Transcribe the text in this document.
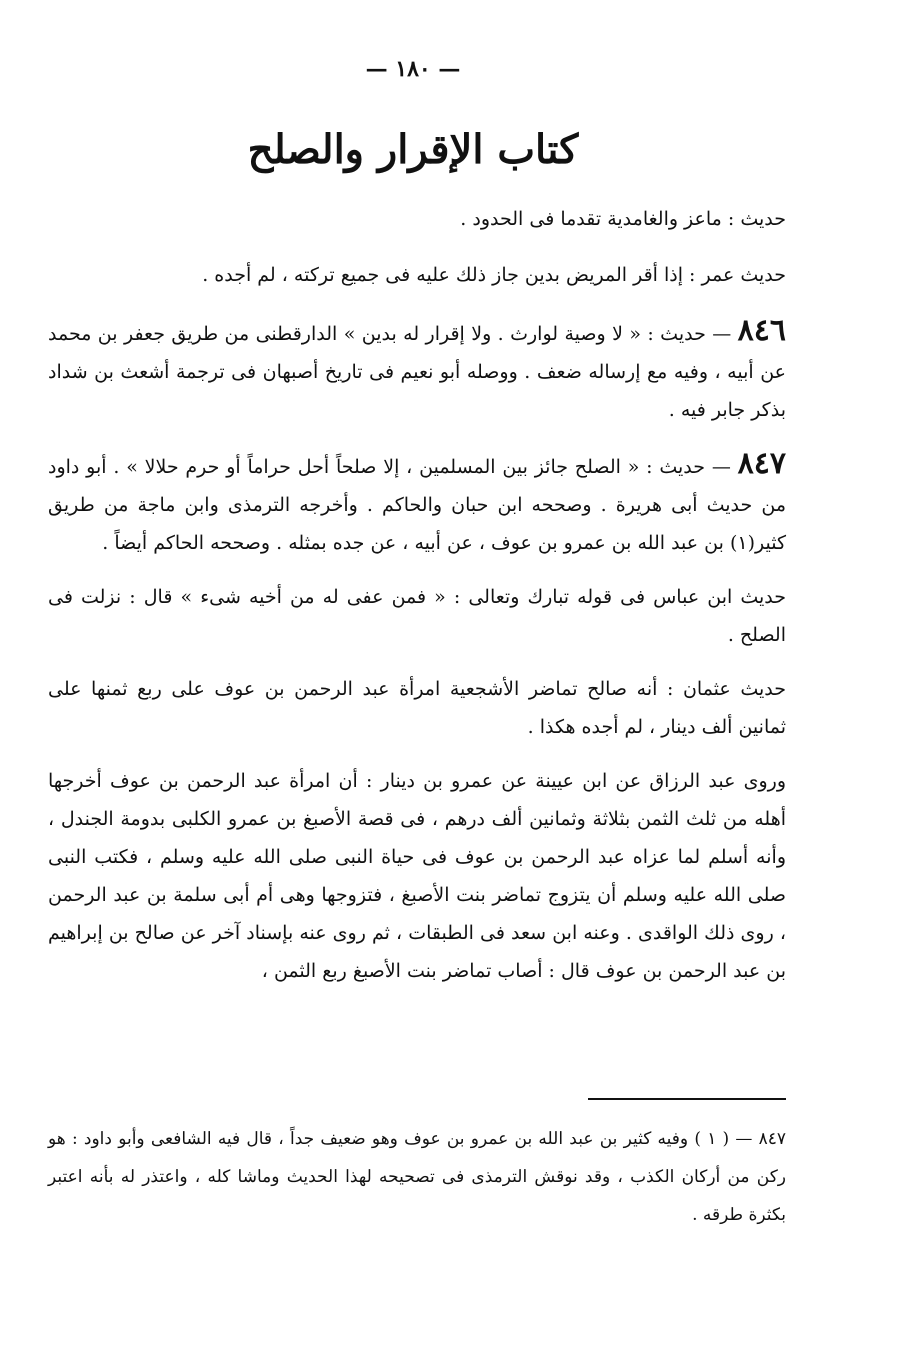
— ١٨٠ —
كتاب الإقرار والصلح

حديث : ماعز والغامدية تقدما فى الحدود .

حديث عمر : إذا أقر المريض بدين جاز ذلك عليه فى جميع تركته ، لم أجده .

٨٤٦ — حديث : « لا وصية لوارث . ولا إقرار له بدين » الدارقطنى من طريق جعفر بن محمد عن أبيه ، وفيه مع إرساله ضعف . ووصله أبو نعيم فى تاريخ أصبهان فى ترجمة أشعث بن شداد بذكر جابر فيه .

٨٤٧ — حديث : « الصلح جائز بين المسلمين ، إلا صلحاً أحل حراماً أو حرم حلالا » . أبو داود من حديث أبى هريرة . وصححه ابن حبان والحاكم . وأخرجه الترمذى وابن ماجة من طريق كثير(١) بن عبد الله بن عمرو بن عوف ، عن أبيه ، عن جده بمثله . وصححه الحاكم أيضاً .

حديث ابن عباس فى قوله تبارك وتعالى : « فمن عفى له من أخيه شىء » قال : نزلت فى الصلح .

حديث عثمان : أنه صالح تماضر الأشجعية امرأة عبد الرحمن بن عوف على ربع ثمنها على ثمانين ألف دينار ، لم أجده هكذا .

وروى عبد الرزاق عن ابن عيينة عن عمرو بن دينار : أن امرأة عبد الرحمن بن عوف أخرجها أهله من ثلث الثمن بثلاثة وثمانين ألف درهم ، فى قصة الأصبغ بن عمرو الكلبى بدومة الجندل ، وأنه أسلم لما عزاه عبد الرحمن بن عوف فى حياة النبى صلى الله عليه وسلم ، فكتب النبى صلى الله عليه وسلم أن يتزوج تماضر بنت الأصبغ ، فتزوجها وهى أم أبى سلمة بن عبد الرحمن ، روى ذلك الواقدى . وعنه ابن سعد فى الطبقات ، ثم روى عنه بإسناد آخر عن صالح بن إبراهيم بن عبد الرحمن بن عوف قال : أصاب تماضر بنت الأصبغ ربع الثمن ،

٨٤٧ — ( ١ ) وفيه كثير بن عبد الله بن عمرو بن عوف وهو ضعيف جداً ، قال فيه الشافعى وأبو داود : هو ركن من أركان الكذب ، وقد نوقش الترمذى فى تصحيحه لهذا الحديث وماشا كله ، واعتذر له بأنه اعتبر بكثرة طرقه .
